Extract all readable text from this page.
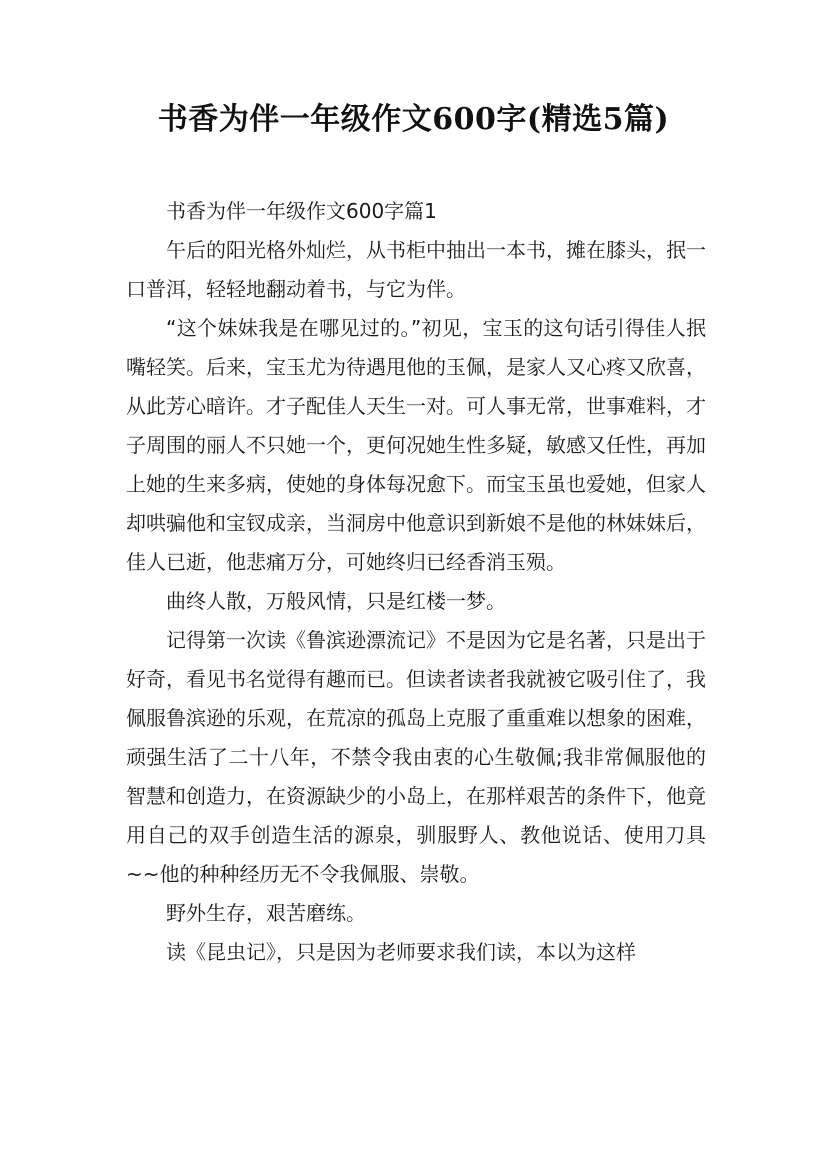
书香为伴一年级作文600字(精选5篇)

书香为伴一年级作文600字篇1

午后的阳光格外灿烂，从书柜中抽出一本书，摊在膝头，抿一口普洱，轻轻地翻动着书，与它为伴。

“这个妹妹我是在哪见过的。”初见，宝玉的这句话引得佳人抿嘴轻笑。后来，宝玉尤为待遇甩他的玉佩，是家人又心疼又欣喜，从此芳心暗许。才子配佳人天生一对。可人事无常，世事难料，才子周围的丽人不只她一个，更何况她生性多疑，敏感又任性，再加上她的生来多病，使她的身体每况愈下。而宝玉虽也爱她，但家人却哄骗他和宝钗成亲，当洞房中他意识到新娘不是他的林妹妹后，佳人已逝，他悲痛万分，可她终归已经香消玉殒。

曲终人散，万般风情，只是红楼一梦。

记得第一次读《鲁滨逊漂流记》不是因为它是名著，只是出于好奇，看见书名觉得有趣而已。但读者读者我就被它吸引住了，我佩服鲁滨逊的乐观，在荒凉的孤岛上克服了重重难以想象的困难，顽强生活了二十八年，不禁令我由衷的心生敬佩;我非常佩服他的智慧和创造力，在资源缺少的小岛上，在那样艰苦的条件下，他竟用自己的双手创造生活的源泉，驯服野人、教他说话、使用刀具~~他的种种经历无不令我佩服、崇敬。

野外生存，艰苦磨练。

读《昆虫记》，只是因为老师要求我们读，本以为这样
